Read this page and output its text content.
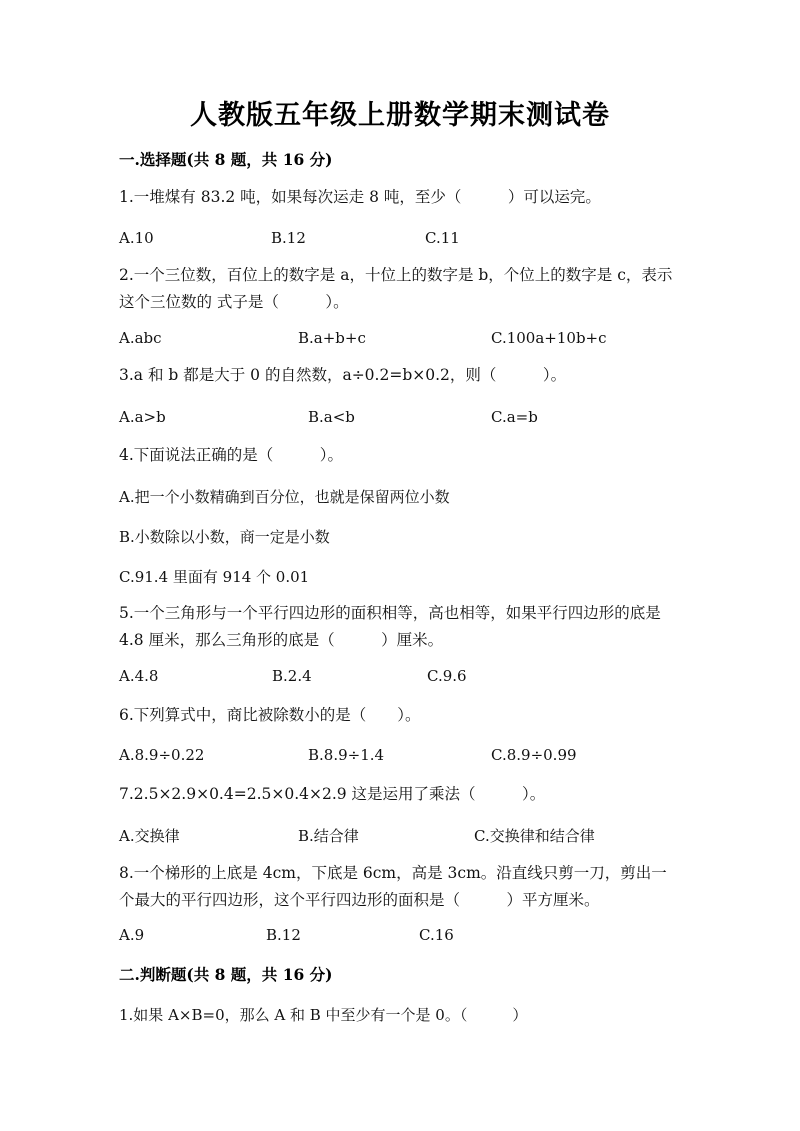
人教版五年级上册数学期末测试卷
一.选择题(共 8 题，共 16 分)
1.一堆煤有 83.2 吨，如果每次运走 8 吨，至少（　　　）可以运完。
A.10	B.12	C.11
2.一个三位数，百位上的数字是 a，十位上的数字是 b，个位上的数字是 c，表示这个三位数的 式子是（　　　）。
A.abc	B.a+b+c	C.100a+10b+c
3.a 和 b 都是大于 0 的自然数，a÷0.2=b×0.2，则（　　　）。
A.a>b	B.a<b	C.a=b
4.下面说法正确的是（　　　）。
A.把一个小数精确到百分位，也就是保留两位小数
B.小数除以小数，商一定是小数
C.91.4 里面有 914 个 0.01
5.一个三角形与一个平行四边形的面积相等，高也相等，如果平行四边形的底是 4.8 厘米，那么三角形的底是（　　　）厘米。
A.4.8	B.2.4	C.9.6
6.下列算式中，商比被除数小的是（　　）。
A.8.9÷0.22	B.8.9÷1.4	C.8.9÷0.99
7.2.5×2.9×0.4=2.5×0.4×2.9 这是运用了乘法（　　　）。
A.交换律	B.结合律	C.交换律和结合律
8.一个梯形的上底是 4cm，下底是 6cm，高是 3cm。沿直线只剪一刀，剪出一个最大的平行四边形，这个平行四边形的面积是（　　　）平方厘米。
A.9	B.12	C.16
二.判断题(共 8 题，共 16 分)
1.如果 A×B=0，那么 A 和 B 中至少有一个是 0。（　　　）
